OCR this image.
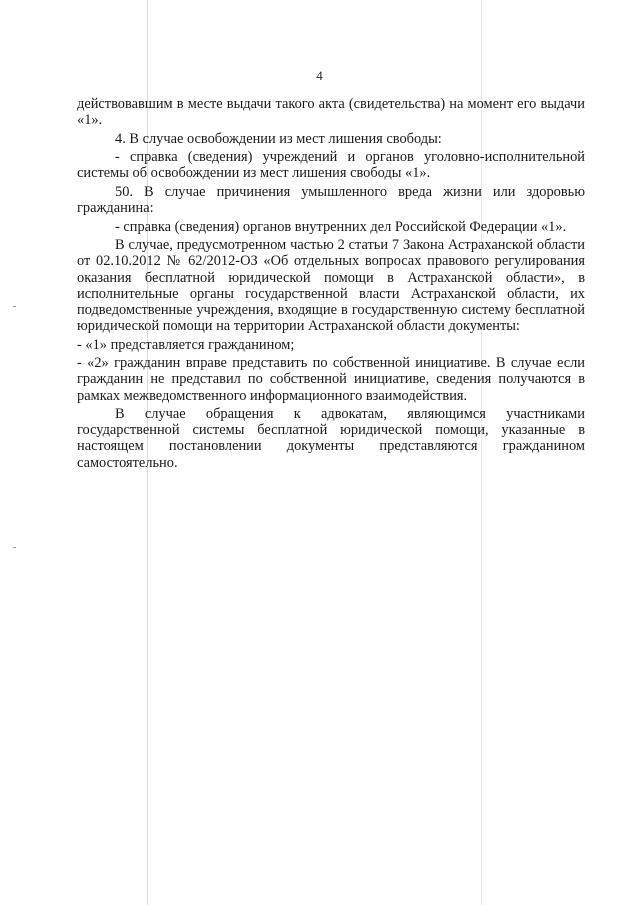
4

действовавшим в месте выдачи такого акта (свидетельства) на момент его выдачи «1».

4. В случае освобождении из мест лишения свободы:

- справка (сведения) учреждений и органов уголовно-исполнительной системы об освобождении из мест лишения свободы «1».

50. В случае причинения умышленного вреда жизни или здоровью гражданина:

- справка (сведения) органов внутренних дел Российской Федерации «1».

В случае, предусмотренном частью 2 статьи 7 Закона Астраханской области от 02.10.2012 № 62/2012-ОЗ «Об отдельных вопросах правового регулирования оказания бесплатной юридической помощи в Астраханской области», в исполнительные органы государственной власти Астраханской области, их подведомственные учреждения, входящие в государственную систему бесплатной юридической помощи на территории Астраханской области документы:

- «1» представляется гражданином;

- «2» гражданин вправе представить по собственной инициативе. В случае если гражданин не представил по собственной инициативе, сведения получаются в рамках межведомственного информационного взаимодействия.

В случае обращения к адвокатам, являющимся участниками государственной системы бесплатной юридической помощи, указанные в настоящем постановлении документы представляются гражданином самостоятельно.
